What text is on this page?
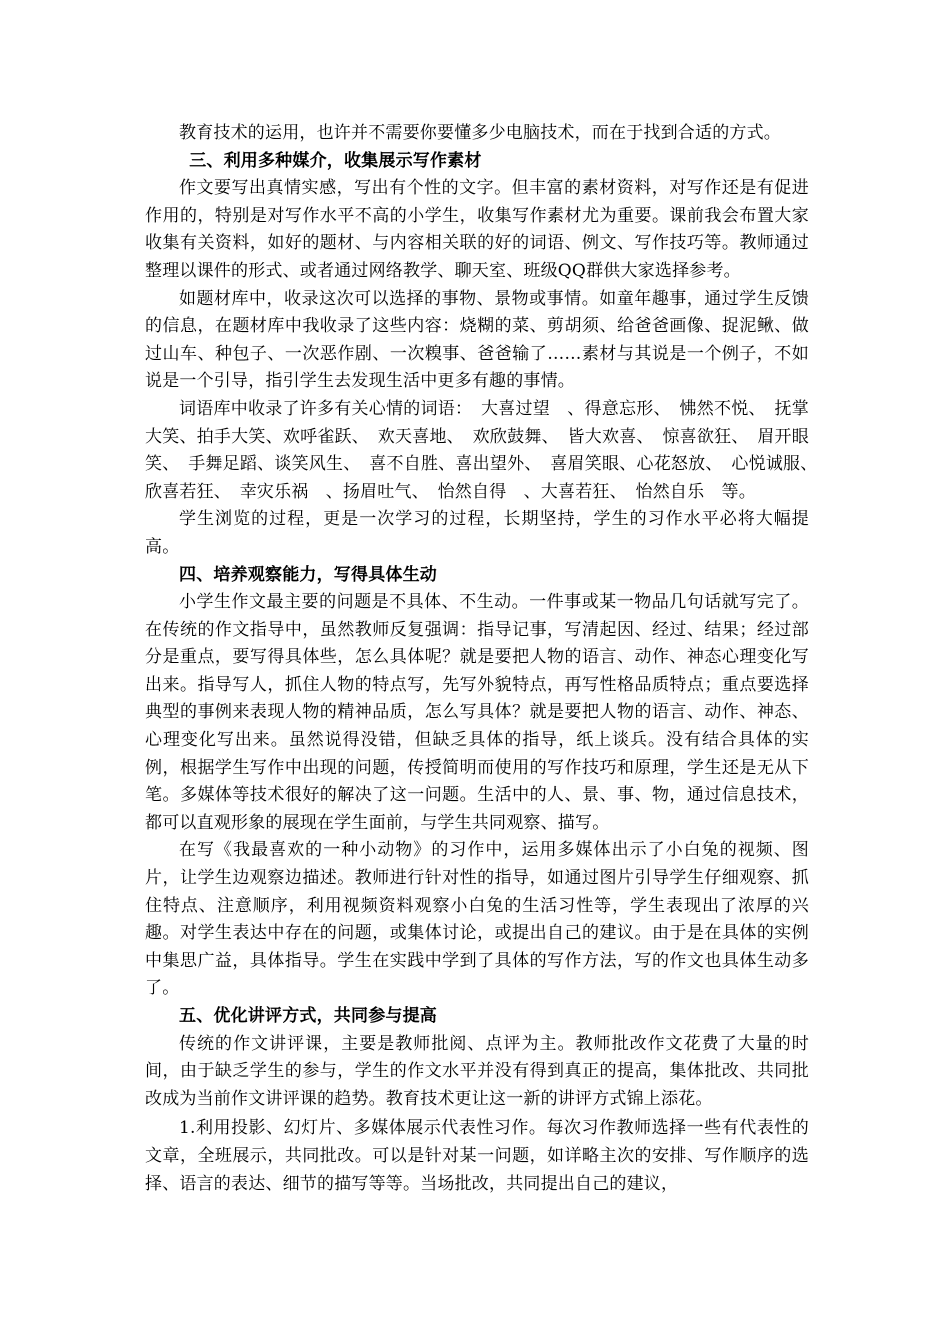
教育技术的运用，也许并不需要你要懂多少电脑技术，而在于找到合适的方式。

三、利用多种媒介，收集展示写作素材

作文要写出真情实感，写出有个性的文字。但丰富的素材资料，对写作还是有促进作用的，特别是对写作水平不高的小学生，收集写作素材尤为重要。课前我会布置大家收集有关资料，如好的题材、与内容相关联的好的词语、例文、写作技巧等。教师通过整理以课件的形式、或者通过网络教学、聊天室、班级QQ群供大家选择参考。

如题材库中，收录这次可以选择的事物、景物或事情。如童年趣事，通过学生反馈的信息，在题材库中我收录了这些内容：烧糊的菜、剪胡须、给爸爸画像、捉泥鳅、做过山车、种包子、一次恶作剧、一次糗事、爸爸输了……素材与其说是一个例子，不如说是一个引导，指引学生去发现生活中更多有趣的事情。

词语库中收录了许多有关心情的词语：　大喜过望　、得意忘形、　怫然不悦、　抚掌大笑、拍手大笑、欢呼雀跃、　欢天喜地、　欢欣鼓舞、　皆大欢喜、　惊喜欲狂、　眉开眼笑、　手舞足蹈、谈笑风生、　喜不自胜、喜出望外、　喜眉笑眼、心花怒放、　心悦诚服、　欣喜若狂、　幸灾乐祸　、扬眉吐气、　怡然自得　、大喜若狂、　怡然自乐　等。

学生浏览的过程，更是一次学习的过程，长期坚持，学生的习作水平必将大幅提高。

四、培养观察能力，写得具体生动

小学生作文最主要的问题是不具体、不生动。一件事或某一物品几句话就写完了。在传统的作文指导中，虽然教师反复强调：指导记事，写清起因、经过、结果；经过部分是重点，要写得具体些，怎么具体呢？就是要把人物的语言、动作、神态心理变化写出来。指导写人，抓住人物的特点写，先写外貌特点，再写性格品质特点；重点要选择典型的事例来表现人物的精神品质，怎么写具体？就是要把人物的语言、动作、神态、心理变化写出来。虽然说得没错，但缺乏具体的指导，纸上谈兵。没有结合具体的实例，根据学生写作中出现的问题，传授简明而使用的写作技巧和原理，学生还是无从下笔。多媒体等技术很好的解决了这一问题。生活中的人、景、事、物，通过信息技术，都可以直观形象的展现在学生面前，与学生共同观察、描写。

在写《我最喜欢的一种小动物》的习作中，运用多媒体出示了小白兔的视频、图片，让学生边观察边描述。教师进行针对性的指导，如通过图片引导学生仔细观察、抓住特点、注意顺序，利用视频资料观察小白兔的生活习性等，学生表现出了浓厚的兴趣。对学生表达中存在的问题，或集体讨论，或提出自己的建议。由于是在具体的实例中集思广益，具体指导。学生在实践中学到了具体的写作方法，写的作文也具体生动多了。

五、优化讲评方式，共同参与提高

传统的作文讲评课，主要是教师批阅、点评为主。教师批改作文花费了大量的时间，由于缺乏学生的参与，学生的作文水平并没有得到真正的提高，集体批改、共同批改成为当前作文讲评课的趋势。教育技术更让这一新的讲评方式锦上添花。

1.利用投影、幻灯片、多媒体展示代表性习作。每次习作教师选择一些有代表性的文章，全班展示，共同批改。可以是针对某一问题，如详略主次的安排、写作顺序的选择、语言的表达、细节的描写等等。当场批改，共同提出自己的建议，
